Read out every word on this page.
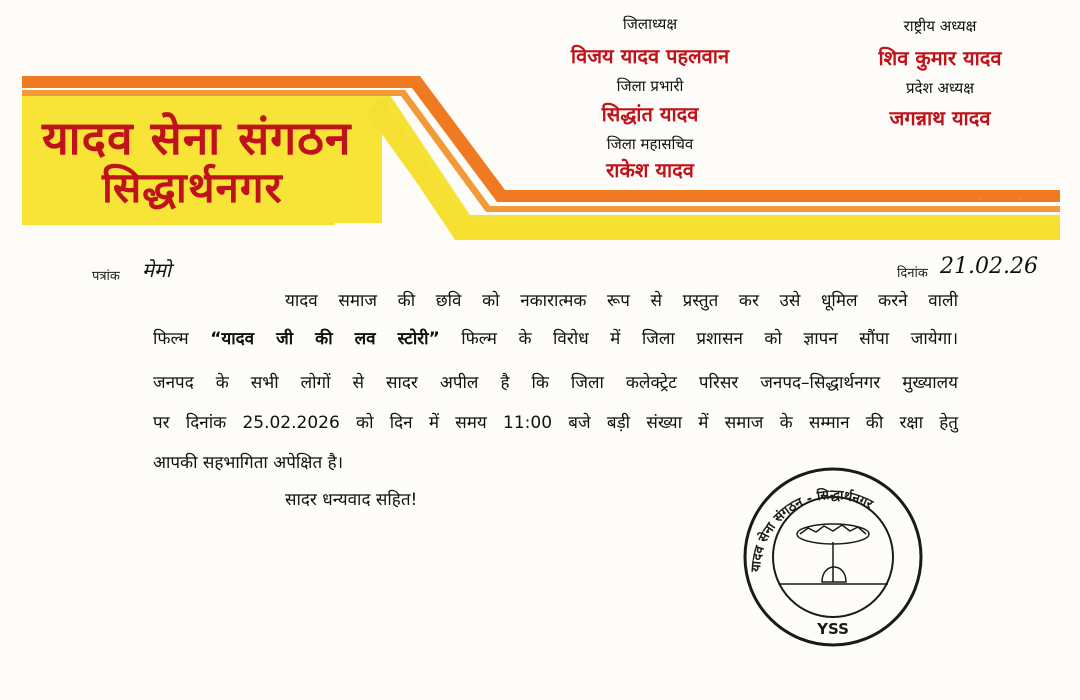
यादव सेना संगठन
सिद्धार्थनगर
जिलाध्यक्ष
विजय यादव पहलवान
जिला प्रभारी
सिद्धांत यादव
जिला महासचिव
राकेश यादव
राष्ट्रीय अध्यक्ष
शिव कुमार यादव
प्रदेश अध्यक्ष
जगन्नाथ यादव
पत्रांक मेमो	दिनांक 21.02.26
यादव समाज की छवि को नकारात्मक रूप से प्रस्तुत कर उसे धूमिल करने वाली
फिल्म “यादव जी की लव स्टोरी” फिल्म के विरोध में जिला प्रशासन को ज्ञापन सौंपा जायेगा।
जनपद के सभी लोगों से सादर अपील है कि जिला कलेक्ट्रेट परिसर जनपद–सिद्धार्थनगर मुख्यालय
पर दिनांक 25.02.2026 को दिन में समय 11:00 बजे बड़ी संख्या में समाज के सम्मान की रक्षा हेतु
आपकी सहभागिता अपेक्षित है।
सादर धन्यवाद सहित!
यादव सेना संगठन - सिद्धार्थनगर
YSS
